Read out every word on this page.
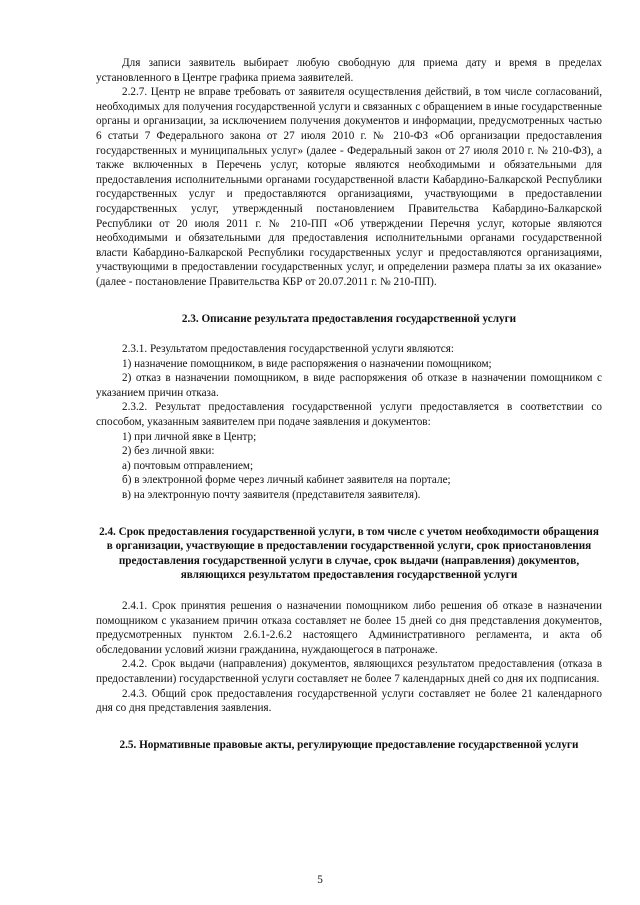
Для записи заявитель выбирает любую свободную для приема дату и время в пределах установленного в Центре графика приема заявителей.

2.2.7. Центр не вправе требовать от заявителя осуществления действий, в том числе согласований, необходимых для получения государственной услуги и связанных с обращением в иные государственные органы и организации, за исключением получения документов и информации, предусмотренных частью 6 статьи 7 Федерального закона от 27 июля 2010 г. № 210-ФЗ «Об организации предоставления государственных и муниципальных услуг» (далее - Федеральный закон от 27 июля 2010 г. № 210-ФЗ), а также включенных в Перечень услуг, которые являются необходимыми и обязательными для предоставления исполнительными органами государственной власти Кабардино-Балкарской Республики государственных услуг и предоставляются организациями, участвующими в предоставлении государственных услуг, утвержденный постановлением Правительства Кабардино-Балкарской Республики от 20 июля 2011 г. № 210-ПП «Об утверждении Перечня услуг, которые являются необходимыми и обязательными для предоставления исполнительными органами государственной власти Кабардино-Балкарской Республики государственных услуг и предоставляются организациями, участвующими в предоставлении государственных услуг, и определении размера платы за их оказание» (далее - постановление Правительства КБР от 20.07.2011 г. № 210-ПП).

2.3. Описание результата предоставления государственной услуги

2.3.1. Результатом предоставления государственной услуги являются:

1) назначение помощником, в виде распоряжения о назначении помощником;

2) отказ в назначении помощником, в виде распоряжения об отказе в назначении помощником с указанием причин отказа.

2.3.2. Результат предоставления государственной услуги предоставляется в соответствии со способом, указанным заявителем при подаче заявления и документов:

1) при личной явке в Центр;

2) без личной явки:

а) почтовым отправлением;

б) в электронной форме через личный кабинет заявителя на портале;

в) на электронную почту заявителя (представителя заявителя).

2.4. Срок предоставления государственной услуги, в том числе с учетом необходимости обращения в организации, участвующие в предоставлении государственной услуги, срок приостановления предоставления государственной услуги в случае, срок выдачи (направления) документов, являющихся результатом предоставления государственной услуги

2.4.1. Срок принятия решения о назначении помощником либо решения об отказе в назначении помощником с указанием причин отказа составляет не более 15 дней со дня представления документов, предусмотренных пунктом 2.6.1-2.6.2 настоящего Административного регламента, и акта об обследовании условий жизни гражданина, нуждающегося в патронаже.

2.4.2. Срок выдачи (направления) документов, являющихся результатом предоставления (отказа в предоставлении) государственной услуги составляет не более 7 календарных дней со дня их подписания.

2.4.3. Общий срок предоставления государственной услуги составляет не более 21 календарного дня со дня представления заявления.

2.5. Нормативные правовые акты, регулирующие предоставление государственной услуги
5
